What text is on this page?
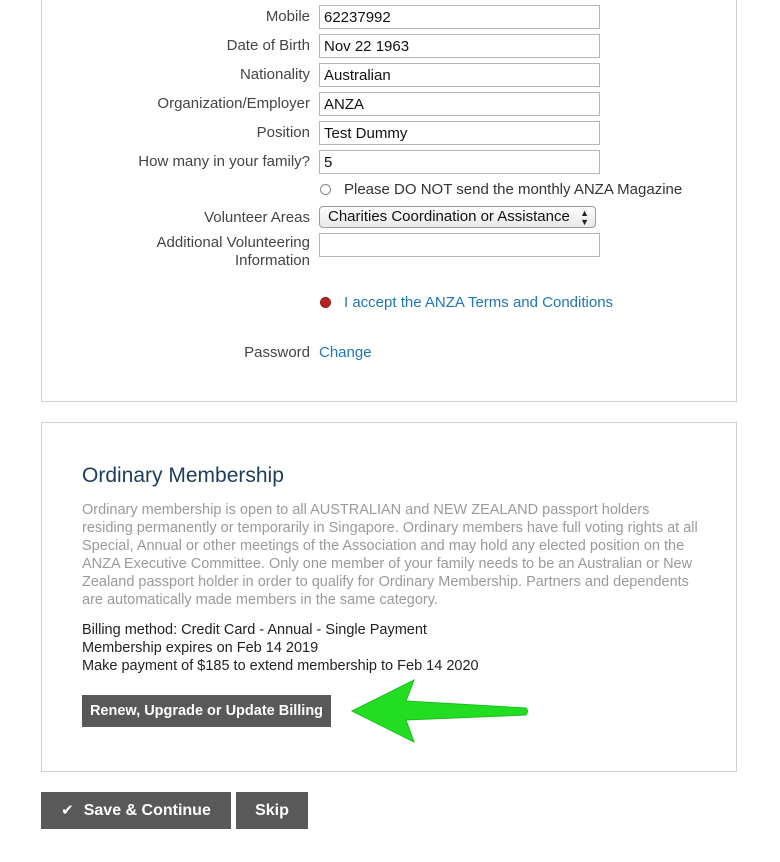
Mobile
62237992
Date of Birth
Nov 22 1963
Nationality
Australian
Organization/Employer
ANZA
Position
Test Dummy
How many in your family?
5
Please DO NOT send the monthly ANZA Magazine
Volunteer Areas	Charities Coordination or Assistance ▲
▼
Additional Volunteering
Information
I accept the ANZA Terms and Conditions
Password Change
Ordinary Membership
Ordinary membership is open to all AUSTRALIAN and NEW ZEALAND passport holders residing permanently or temporarily in Singapore. Ordinary members have full voting rights at all Special, Annual or other meetings of the Association and may hold any elected position on the ANZA Executive Committee. Only one member of your family needs to be an Australian or New Zealand passport holder in order to qualify for Ordinary Membership. Partners and dependents are automatically made members in the same category.
Billing method: Credit Card - Annual - Single Payment
Membership expires on Feb 14 2019
Make payment of $185 to extend membership to Feb 14 2020
Renew, Upgrade or Update Billing
✔ Save & Continue	Skip
